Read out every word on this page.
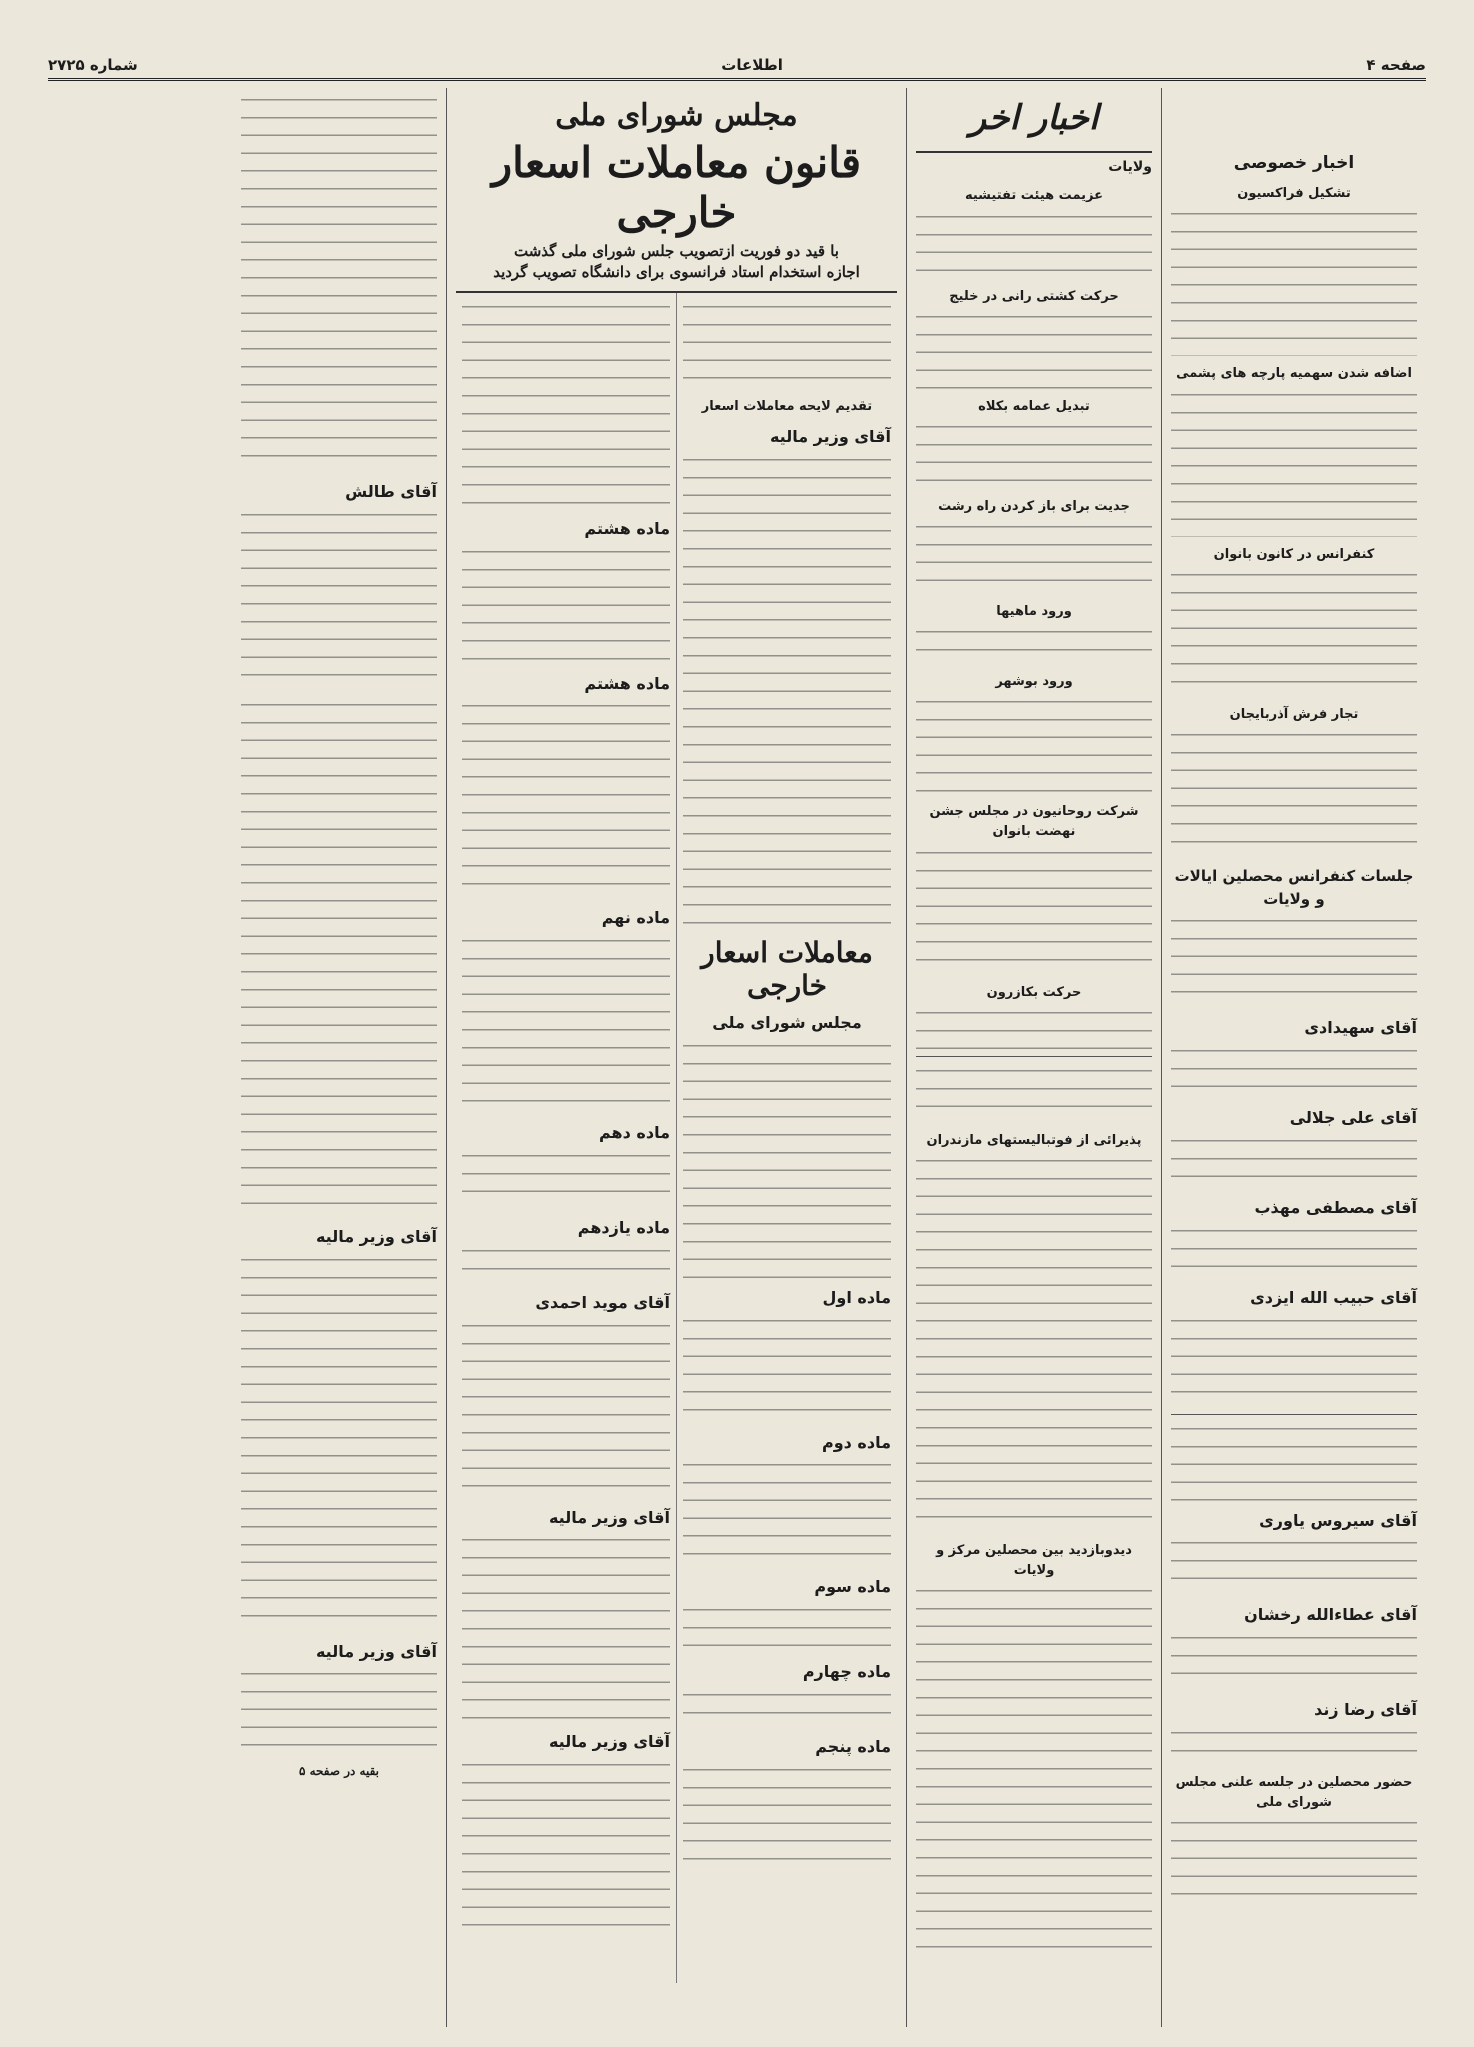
صفحه ۴
اطلاعات
شماره ۲۷۲۵
اخبار خصوصی
تشکیل فراکسیون
اضافه شدن سهمیه پارچه های پشمی
کنفرانس در کانون بانوان
تجار فرش آذربایجان
جلسات کنفرانس محصلین ایالات و ولایات
آقای سهیدادی
آقای علی جلالی
آقای مصطفی مهذب
آقای حبیب الله ایزدی
آقای سیروس یاوری
آقای عطاءالله رخشان
آقای رضا زند
حضور محصلین در جلسه علنی مجلس شورای ملی
اخبار اخر
ولایات
عزیمت هیئت تفتیشیه
حرکت کشتی رانی در خلیج
تبدیل عمامه بکلاه
جدیت برای باز کردن راه رشت
ورود ماهیها
ورود بوشهر
شرکت روحانیون در مجلس جشن نهضت بانوان
حرکت بکازرون
پذیرائی از فوتبالیستهای مازندران
دیدوبازدید بین محصلین مرکز و ولایات
مجلس شورای ملی
قانون معاملات اسعار خارجی
با قید دو فوریت ازتصویب جلس شورای ملی گذشت
اجازه استخدام استاد فرانسوی برای دانشگاه تصویب گردید
تقدیم لایحه معاملات اسعار
آقای وزیر مالیه
معاملات اسعار خارجی
مجلس شورای ملی
ماده اول
ماده دوم
ماده سوم
ماده چهارم
ماده پنجم
ماده هشتم
ماده هشتم
ماده نهم
ماده دهم
ماده یازدهم
آقای موید احمدی
آقای وزیر مالیه
آقای وزیر مالیه
آقای طالش
آقای وزیر مالیه
آقای وزیر مالیه
بقیه در صفحه ۵
